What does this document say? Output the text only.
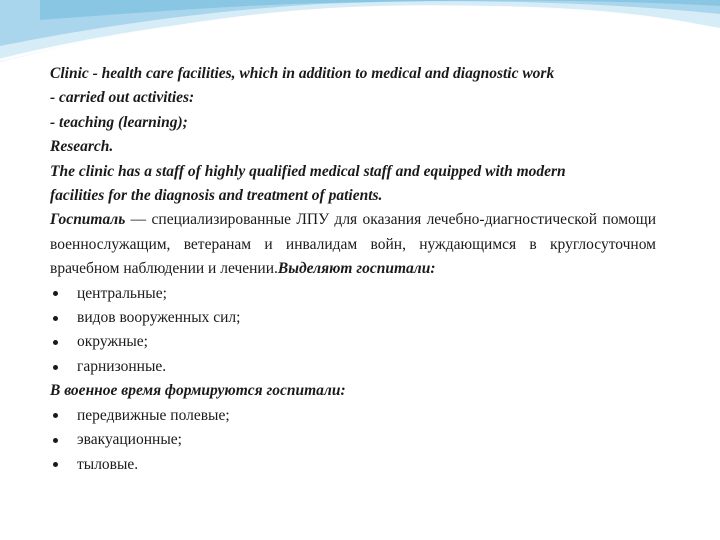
Clinic - health care facilities, which in addition to medical and diagnostic work
- carried out activities:
- teaching (learning);
Research.
The clinic has a staff of highly qualified medical staff and equipped with modern
facilities for the diagnosis and treatment of patients.
Госпиталь — специализированные ЛПУ для оказания лечебно-диагностической помощи военнослужащим, ветеранам и инвалидам войн, нуждающимся в круглосуточном врачебном наблюдении и лечении.Выделяют госпитали:
центральные;
видов вооруженных сил;
окружные;
гарнизонные.
В военное время формируются госпитали:
передвижные полевые;
эвакуационные;
тыловые.
